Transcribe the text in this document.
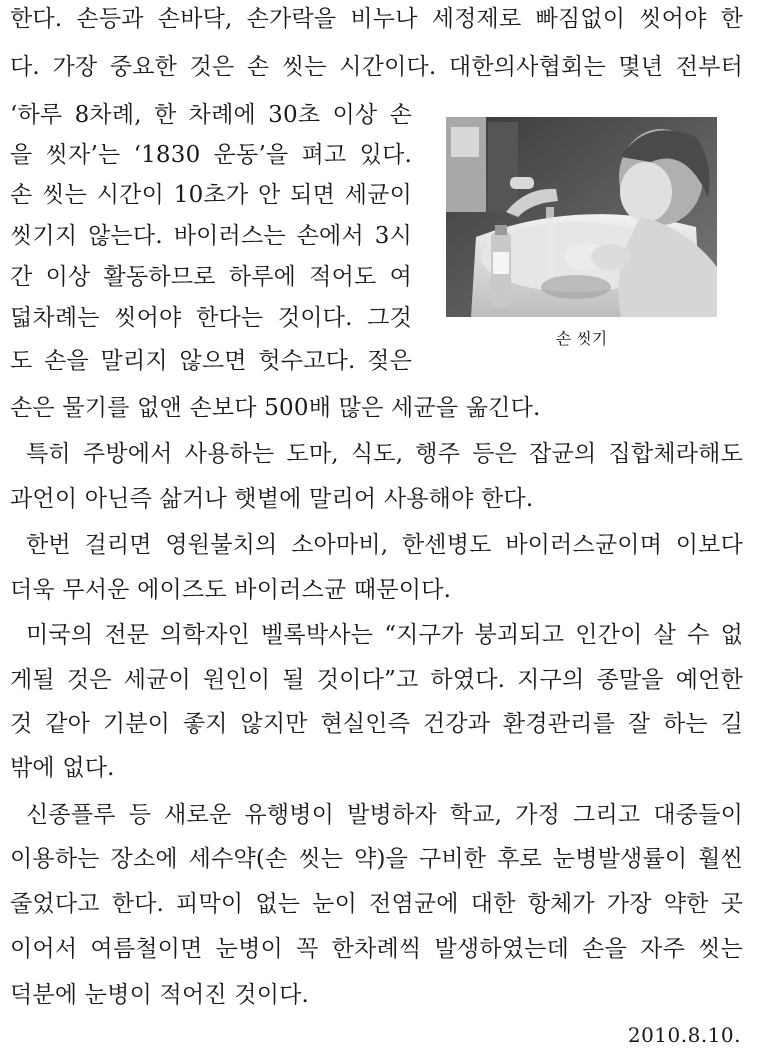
한다. 손등과 손바닥, 손가락을 비누나 세정제로 빠짐없이 씻어야 한
다. 가장 중요한 것은 손 씻는 시간이다. 대한의사협회는 몇년 전부터
‘하루 8차례, 한 차례에 30초 이상 손
을 씻자’는 ‘1830 운동’을 펴고 있다.
손 씻는 시간이 10초가 안 되면 세균이
씻기지 않는다. 바이러스는 손에서 3시
간 이상 활동하므로 하루에 적어도 여
덟차례는 씻어야 한다는 것이다. 그것
도 손을 말리지 않으면 헛수고다. 젖은
손은 물기를 없앤 손보다 500배 많은 세균을 옮긴다.
특히 주방에서 사용하는 도마, 식도, 행주 등은 잡균의 집합체라해도
과언이 아닌즉 삶거나 햇볕에 말리어 사용해야 한다.
한번 걸리면 영원불치의 소아마비, 한센병도 바이러스균이며 이보다
더욱 무서운 에이즈도 바이러스균 때문이다.
미국의 전문 의학자인 벨록박사는 “지구가 붕괴되고 인간이 살 수 없
게될 것은 세균이 원인이 될 것이다”고 하였다. 지구의 종말을 예언한
것 같아 기분이 좋지 않지만 현실인즉 건강과 환경관리를 잘 하는 길
밖에 없다.
신종플루 등 새로운 유행병이 발병하자 학교, 가정 그리고 대중들이
이용하는 장소에 세수약(손 씻는 약)을 구비한 후로 눈병발생률이 훨씬
줄었다고 한다. 피막이 없는 눈이 전염균에 대한 항체가 가장 약한 곳
이어서 여름철이면 눈병이 꼭 한차례씩 발생하였는데 손을 자주 씻는
덕분에 눈병이 적어진 것이다.
손 씻기
2010.8.10.
